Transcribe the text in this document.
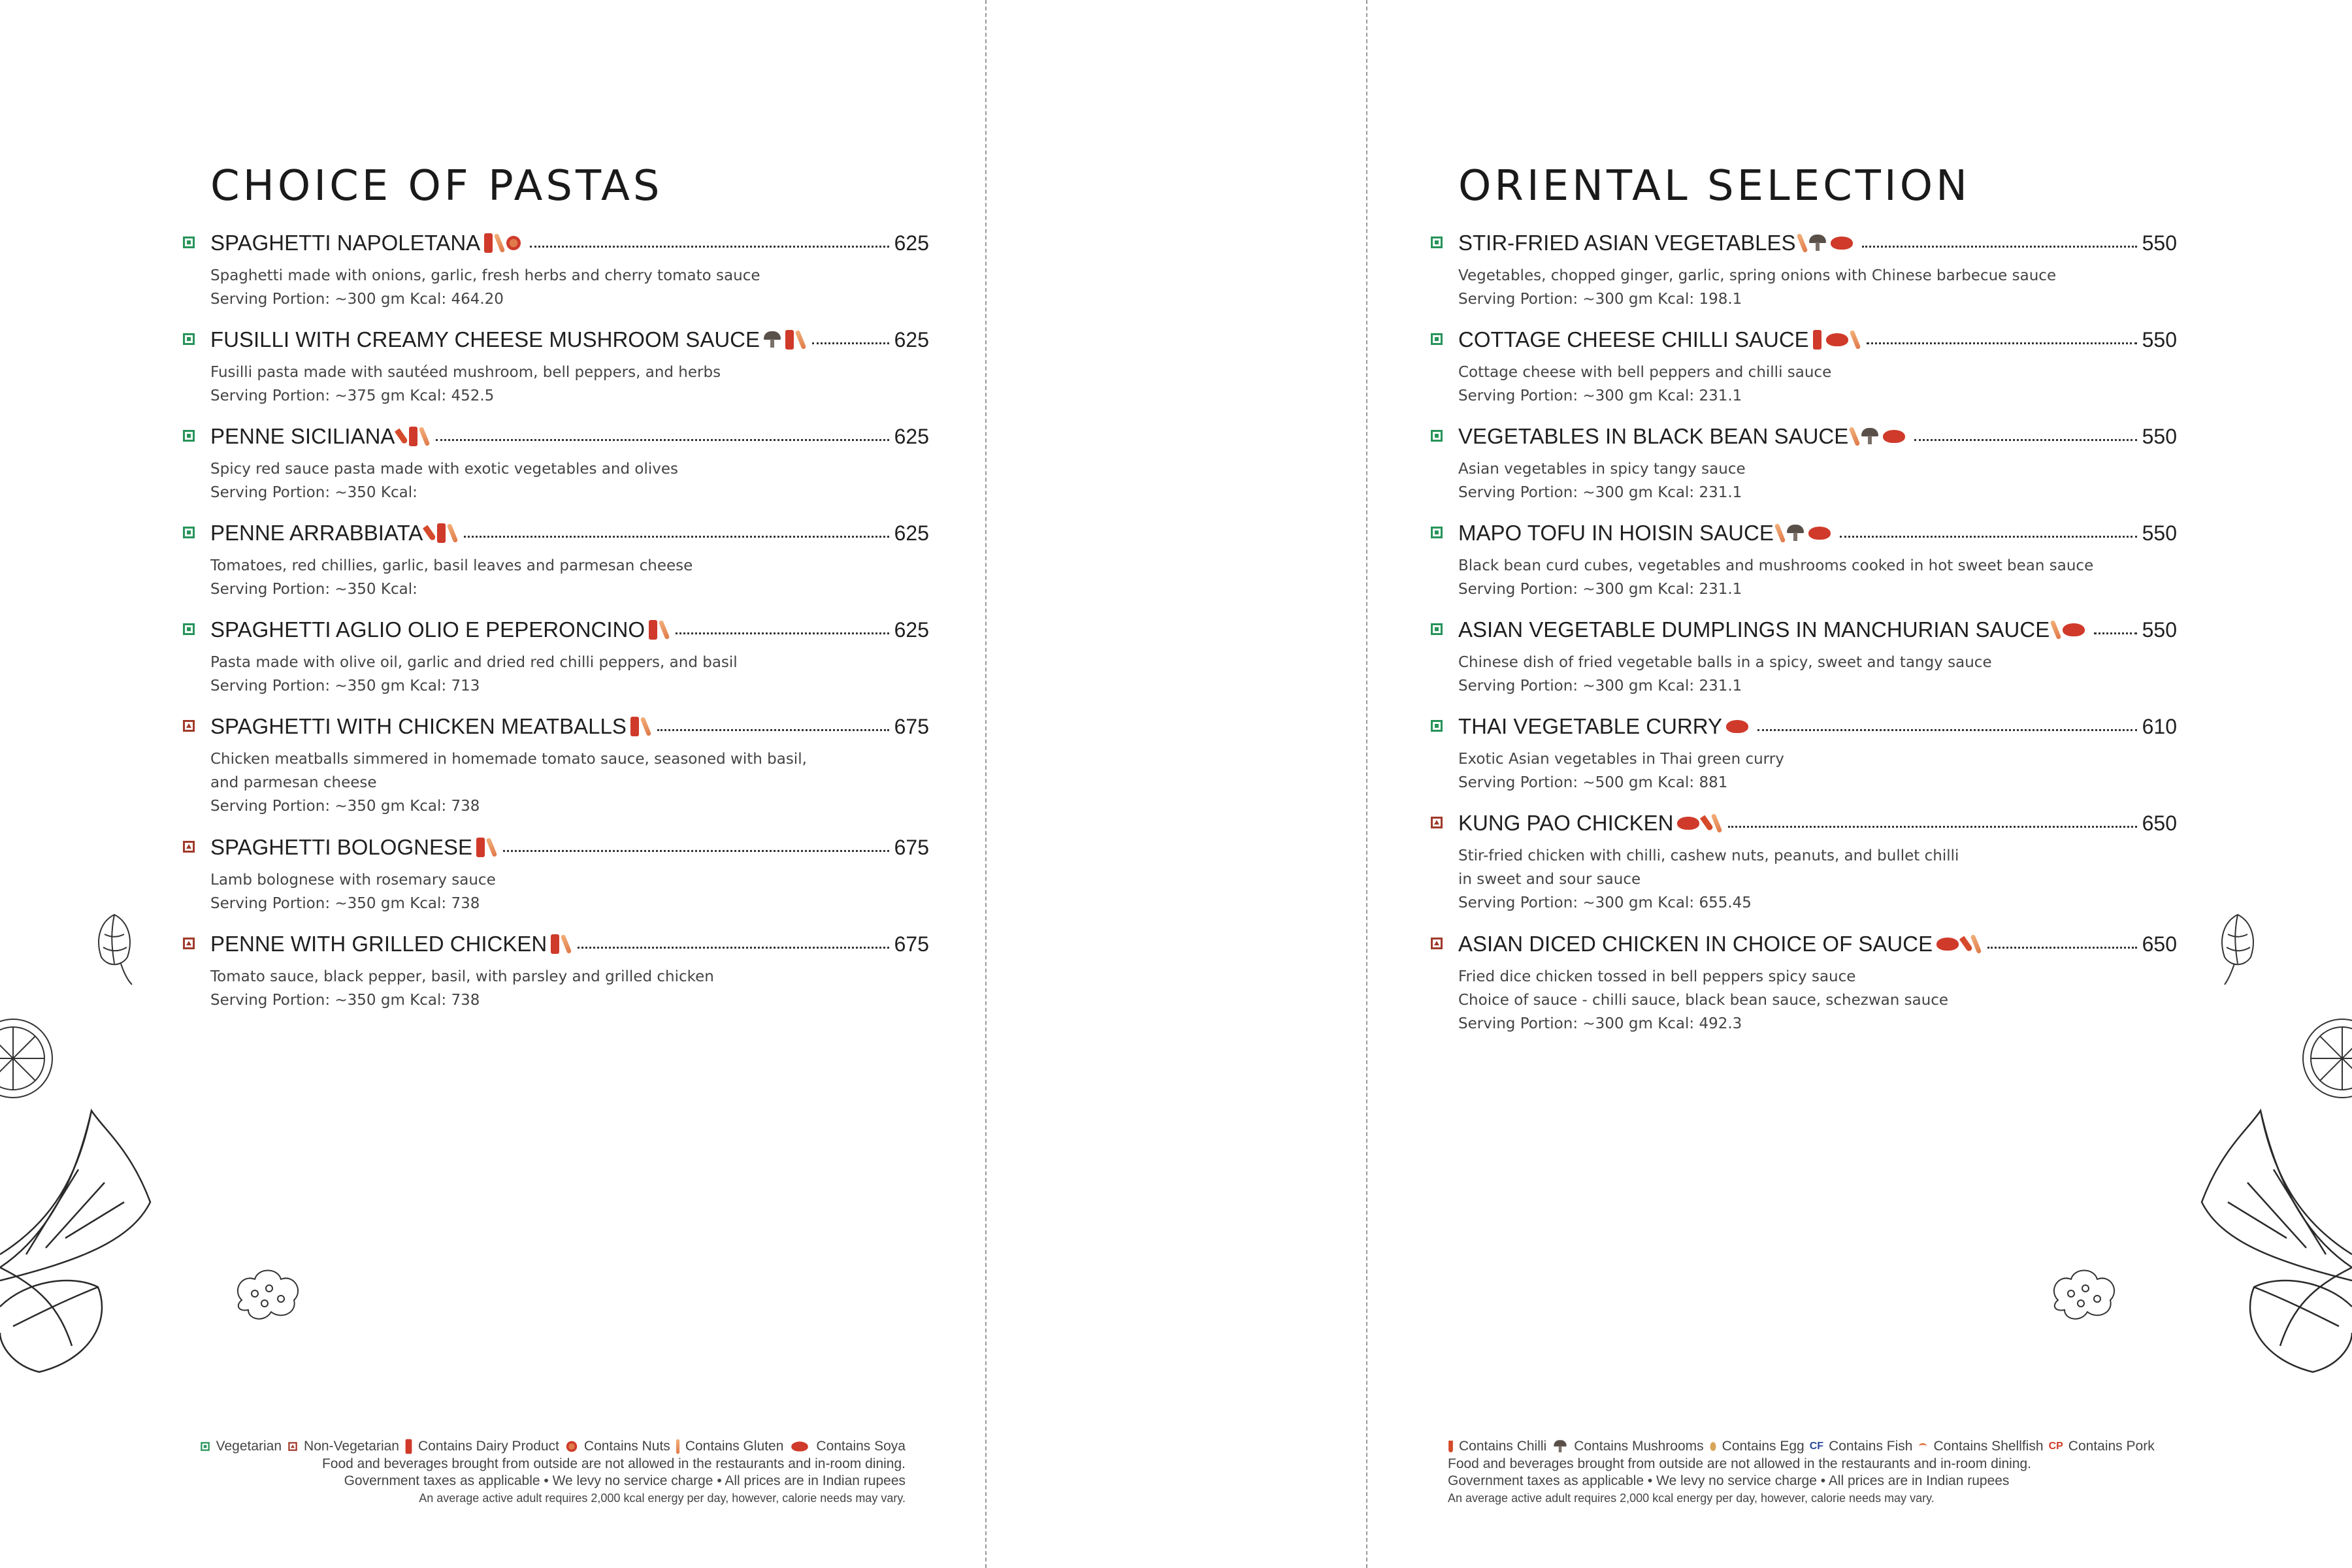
CHOICE OF PASTAS
SPAGHETTI NAPOLETANA	625
Spaghetti made with onions, garlic, fresh herbs and cherry tomato sauce
Serving Portion: ~300 gm Kcal: 464.20
FUSILLI WITH CREAMY CHEESE MUSHROOM SAUCE	625
Fusilli pasta made with sautéed mushroom, bell peppers, and herbs
Serving Portion: ~375 gm Kcal: 452.5
PENNE SICILIANA	625
Spicy red sauce pasta made with exotic vegetables and olives
Serving Portion: ~350 Kcal:
PENNE ARRABBIATA	625
Tomatoes, red chillies, garlic, basil leaves and parmesan cheese
Serving Portion: ~350 Kcal:
SPAGHETTI AGLIO OLIO E PEPERONCINO	625
Pasta made with olive oil, garlic and dried red chilli peppers, and basil
Serving Portion: ~350 gm Kcal: 713
SPAGHETTI WITH CHICKEN MEATBALLS	675
Chicken meatballs simmered in homemade tomato sauce, seasoned with basil,
and parmesan cheese
Serving Portion: ~350 gm Kcal: 738
SPAGHETTI BOLOGNESE	675
Lamb bolognese with rosemary sauce
Serving Portion: ~350 gm Kcal: 738
PENNE WITH GRILLED CHICKEN	675
Tomato sauce, black pepper, basil, with parsley and grilled chicken
Serving Portion: ~350 gm Kcal: 738
ORIENTAL SELECTION
STIR-FRIED ASIAN VEGETABLES	550
Vegetables, chopped ginger, garlic, spring onions with Chinese barbecue sauce
Serving Portion: ~300 gm Kcal: 198.1
COTTAGE CHEESE CHILLI SAUCE	550
Cottage cheese with bell peppers and chilli sauce
Serving Portion: ~300 gm Kcal: 231.1
VEGETABLES IN BLACK BEAN SAUCE	550
Asian vegetables in spicy tangy sauce
Serving Portion: ~300 gm Kcal: 231.1
MAPO TOFU IN HOISIN SAUCE	550
Black bean curd cubes, vegetables and mushrooms cooked in hot sweet bean sauce
Serving Portion: ~300 gm Kcal: 231.1
ASIAN VEGETABLE DUMPLINGS IN MANCHURIAN SAUCE	550
Chinese dish of fried vegetable balls in a spicy, sweet and tangy sauce
Serving Portion: ~300 gm Kcal: 231.1
THAI VEGETABLE CURRY	610
Exotic Asian vegetables in Thai green curry
Serving Portion: ~500 gm Kcal: 881
KUNG PAO CHICKEN	650
Stir-fried chicken with chilli, cashew nuts, peanuts, and bullet chilli
in sweet and sour sauce
Serving Portion: ~300 gm Kcal: 655.45
ASIAN DICED CHICKEN IN CHOICE OF SAUCE	650
Fried dice chicken tossed in bell peppers spicy sauce
Choice of sauce - chilli sauce, black bean sauce, schezwan sauce
Serving Portion: ~300 gm Kcal: 492.3
Vegetarian Non-Vegetarian Contains Dairy Product Contains Nuts Contains Gluten Contains Soya
Food and beverages brought from outside are not allowed in the restaurants and in-room dining.
Government taxes as applicable • We levy no service charge • All prices are in Indian rupees
An average active adult requires 2,000 kcal energy per day, however, calorie needs may vary.
Contains Chilli Contains Mushrooms Contains Egg CF Contains Fish Contains Shellfish CP Contains Pork
Food and beverages brought from outside are not allowed in the restaurants and in-room dining.
Government taxes as applicable • We levy no service charge • All prices are in Indian rupees
An average active adult requires 2,000 kcal energy per day, however, calorie needs may vary.
